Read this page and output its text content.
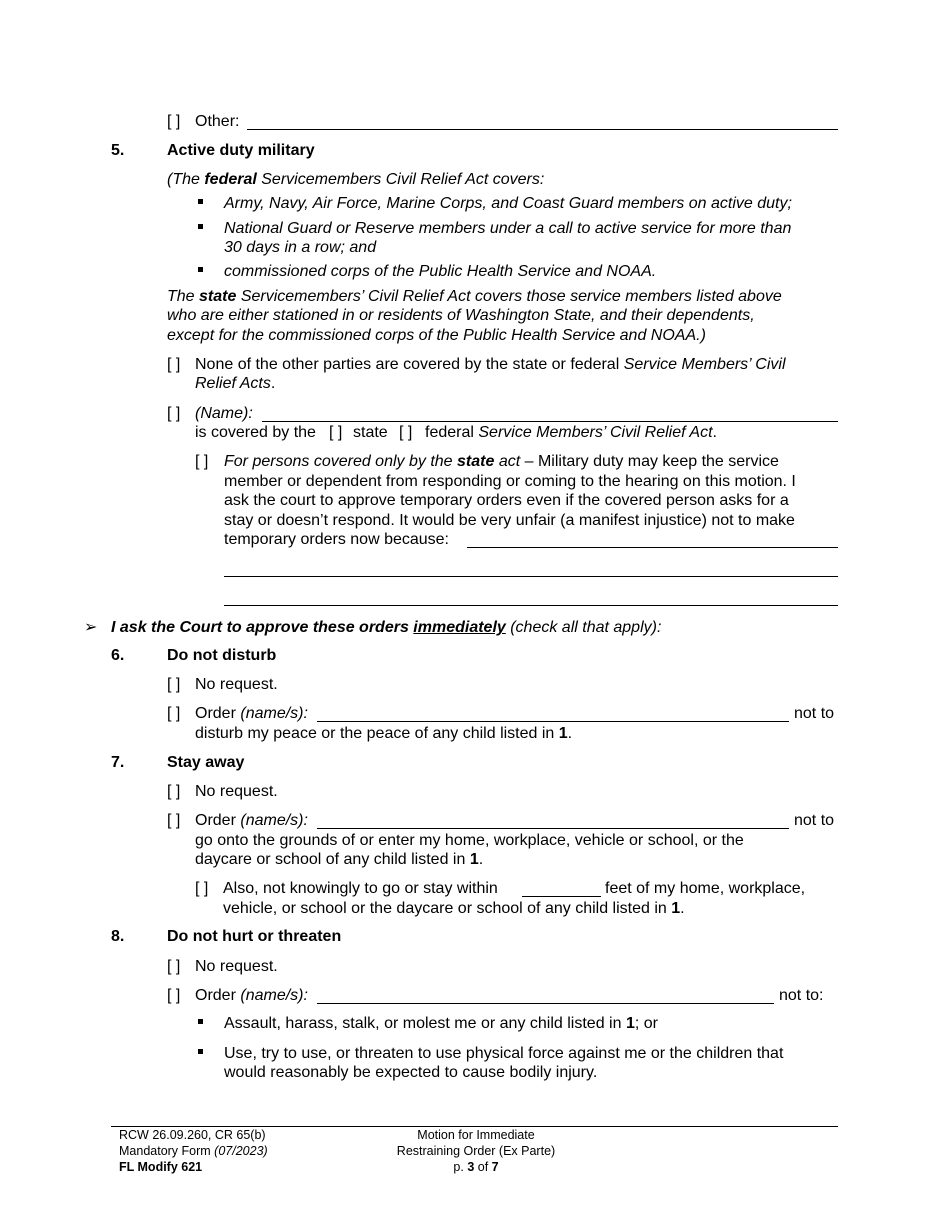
[ ] Other:
5.	Active duty military
(The federal Servicemembers Civil Relief Act covers:
Army, Navy, Air Force, Marine Corps, and Coast Guard members on active duty;
National Guard or Reserve members under a call to active service for more than
30 days in a row; and
commissioned corps of the Public Health Service and NOAA.
The state Servicemembers’ Civil Relief Act covers those service members listed above
who are either stationed in or residents of Washington State, and their dependents,
except for the commissioned corps of the Public Health Service and NOAA.)
[ ] None of the other parties are covered by the state or federal Service Members’ Civil
Relief Acts.
[ ] (Name):
is covered by the [ ] state [ ] federal Service Members’ Civil Relief Act.
[ ] For persons covered only by the state act – Military duty may keep the service
member or dependent from responding or coming to the hearing on this motion. I
ask the court to approve temporary orders even if the covered person asks for a
stay or doesn’t respond. It would be very unfair (a manifest injustice) not to make
temporary orders now because:
➢ I ask the Court to approve these orders immediately (check all that apply):
6.	Do not disturb
[ ] No request.
[ ] Order (name/s):	not to
disturb my peace or the peace of any child listed in 1.
7.	Stay away
[ ] No request.
[ ] Order (name/s):	not to
go onto the grounds of or enter my home, workplace, vehicle or school, or the
daycare or school of any child listed in 1.
[ ] Also, not knowingly to go or stay within	feet of my home, workplace,
vehicle, or school or the daycare or school of any child listed in 1.
8.	Do not hurt or threaten
[ ] No request.
[ ] Order (name/s):	not to:
Assault, harass, stalk, or molest me or any child listed in 1; or
Use, try to use, or threaten to use physical force against me or the children that
would reasonably be expected to cause bodily injury.
RCW 26.09.260, CR 65(b)
Mandatory Form (07/2023)
FL Modify 621
Motion for Immediate
Restraining Order (Ex Parte)
p. 3 of 7
